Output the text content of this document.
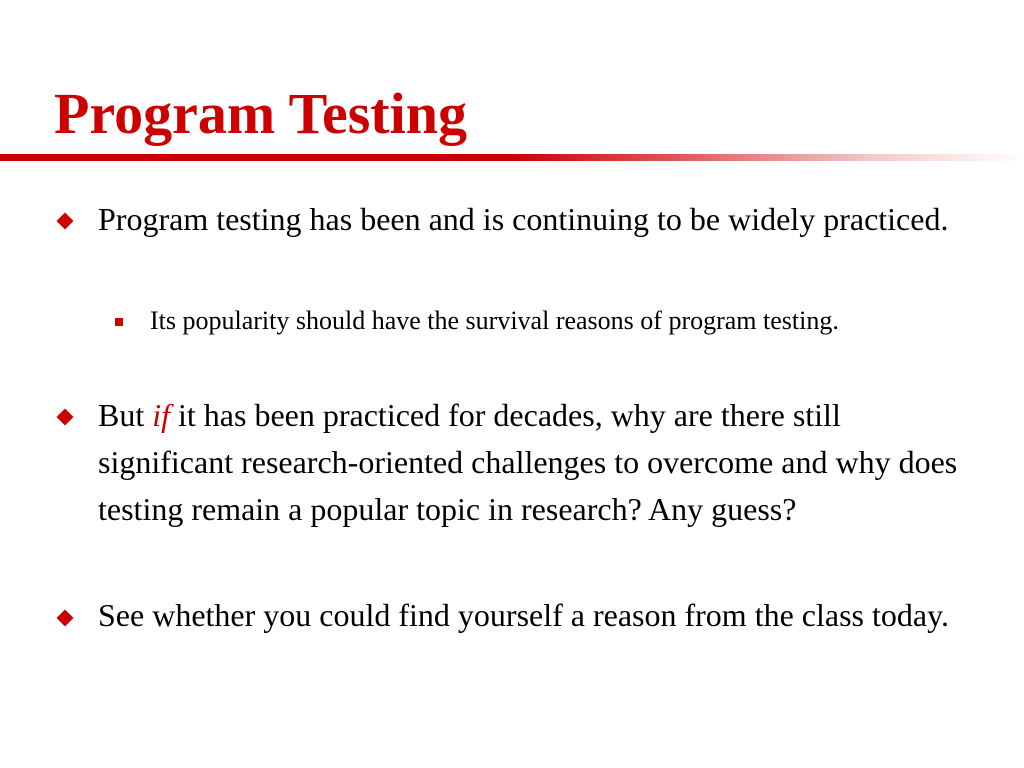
Program Testing
Program testing has been and is continuing to be widely practiced.
Its popularity should have the survival reasons of program testing.
But if it has been practiced for decades, why are there still significant research-oriented challenges to overcome and why does testing remain a popular topic in research? Any guess?
See whether you could find yourself a reason from the class today.
